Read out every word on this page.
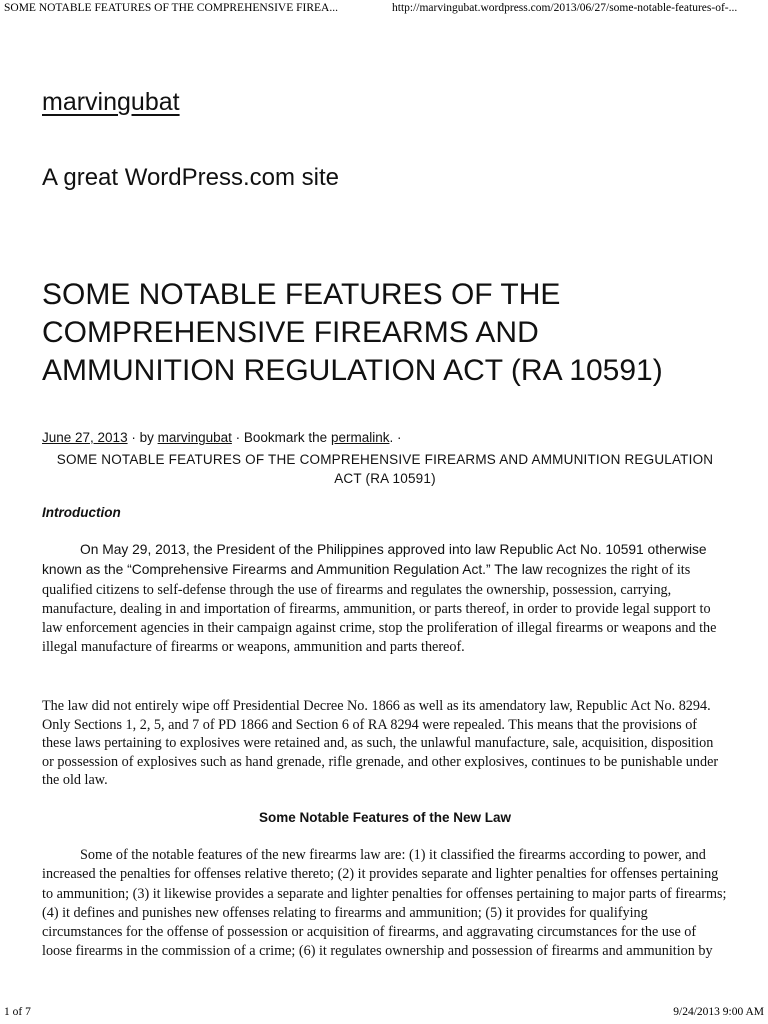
SOME NOTABLE FEATURES OF THE COMPREHENSIVE FIREA...	http://marvingubat.wordpress.com/2013/06/27/some-notable-features-of-...
marvingubat
A great WordPress.com site
SOME NOTABLE FEATURES OF THE COMPREHENSIVE FIREARMS AND AMMUNITION REGULATION ACT (RA 10591)
June 27, 2013 · by marvingubat · Bookmark the permalink. ·
SOME NOTABLE FEATURES OF THE COMPREHENSIVE FIREARMS AND AMMUNITION REGULATION ACT (RA 10591)
Introduction

On May 29, 2013, the President of the Philippines approved into law Republic Act No. 10591 otherwise known as the “Comprehensive Firearms and Ammunition Regulation Act.” The law recognizes the right of its qualified citizens to self-defense through the use of firearms and regulates the ownership, possession, carrying, manufacture, dealing in and importation of firearms, ammunition, or parts thereof, in order to provide legal support to law enforcement agencies in their campaign against crime, stop the proliferation of illegal firearms or weapons and the illegal manufacture of firearms or weapons, ammunition and parts thereof.

The law did not entirely wipe off Presidential Decree No. 1866 as well as its amendatory law, Republic Act No. 8294. Only Sections 1, 2, 5, and 7 of PD 1866 and Section 6 of RA 8294 were repealed. This means that the provisions of these laws pertaining to explosives were retained and, as such, the unlawful manufacture, sale, acquisition, disposition or possession of explosives such as hand grenade, rifle grenade, and other explosives, continues to be punishable under the old law.

Some Notable Features of the New Law

Some of the notable features of the new firearms law are: (1) it classified the firearms according to power, and increased the penalties for offenses relative thereto; (2) it provides separate and lighter penalties for offenses pertaining to ammunition; (3) it likewise provides a separate and lighter penalties for offenses pertaining to major parts of firearms; (4) it defines and punishes new offenses relating to firearms and ammunition; (5) it provides for qualifying circumstances for the offense of possession or acquisition of firearms, and aggravating circumstances for the use of loose firearms in the commission of a crime; (6) it regulates ownership and possession of firearms and ammunition by

1 of 7	9/24/2013 9:00 AM
